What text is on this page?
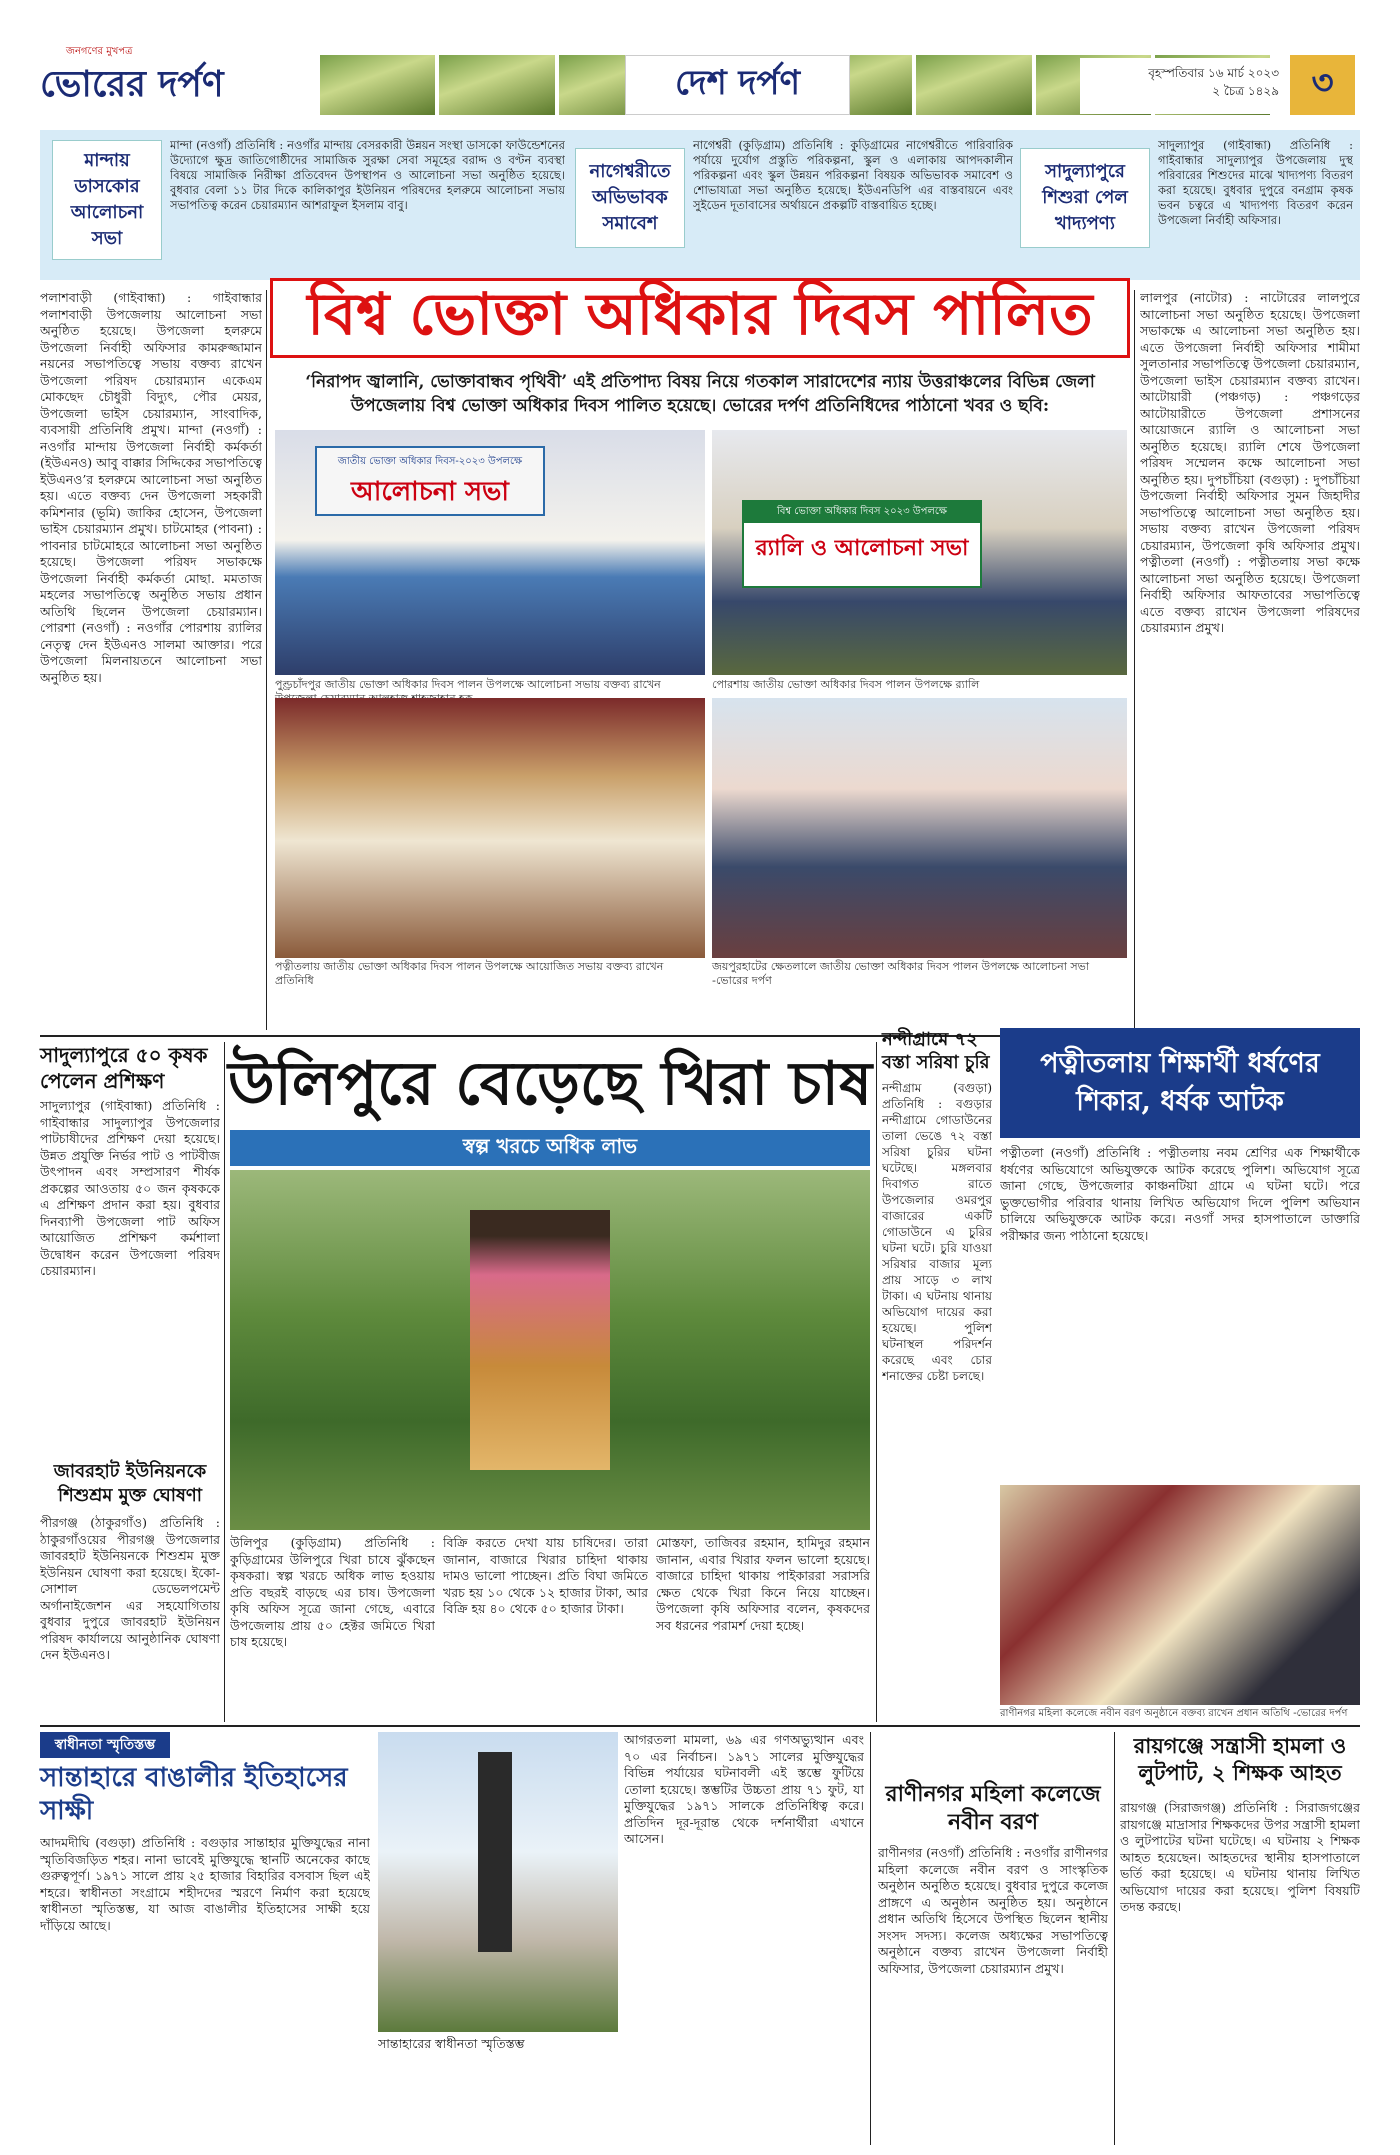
জনগণের মুখপত্র
ভোরের দর্পণ	দেশ দর্পণ	বৃহস্পতিবার ১৬ মার্চ ২০২৩
২ চৈত্র ১৪২৯ ৩
মান্দায় ডাসকোর আলোচনা সভা
মান্দা (নওগাঁ) প্রতিনিধি : নওগাঁর মান্দায় বেসরকারী উন্নয়ন সংস্থা ডাসকো ফাউন্ডেশনের উদ্যোগে ক্ষুদ্র জাতিগোষ্ঠীদের সামাজিক সুরক্ষা সেবা সমূহের বরাদ্দ ও বণ্টন ব্যবস্থা বিষয়ে সামাজিক নিরীক্ষা প্রতিবেদন উপস্থাপন ও আলোচনা সভা অনুষ্ঠিত হয়েছে। বুধবার বেলা ১১ টার দিকে কালিকাপুর ইউনিয়ন পরিষদের হলরুমে আলোচনা সভায় সভাপতিত্ব করেন চেয়ারম্যান আশরাফুল ইসলাম বাবু।
নাগেশ্বরীতে অভিভাবক সমাবেশ
নাগেশ্বরী (কুড়িগ্রাম) প্রতিনিধি : কুড়িগ্রামের নাগেশ্বরীতে পারিবারিক পর্যায়ে দুর্যোগ প্রস্তুতি পরিকল্পনা, স্কুল ও এলাকায় আপদকালীন পরিকল্পনা এবং স্কুল উন্নয়ন পরিকল্পনা বিষয়ক অভিভাবক সমাবেশ ও শোভাযাত্রা সভা অনুষ্ঠিত হয়েছে। ইউএনডিপি এর বাস্তবায়নে এবং সুইডেন দূতাবাসের অর্থায়নে প্রকল্পটি বাস্তবায়িত হচ্ছে।
সাদুল্যাপুরে শিশুরা পেল খাদ্যপণ্য
সাদুল্যাপুর (গাইবান্ধা) প্রতিনিধি : গাইবান্ধার সাদুল্যাপুর উপজেলায় দুস্থ পরিবারের শিশুদের মাঝে খাদ্যপণ্য বিতরণ করা হয়েছে। বুধবার দুপুরে বনগ্রাম কৃষক ভবন চত্বরে এ খাদ্যপণ্য বিতরণ করেন উপজেলা নির্বাহী অফিসার।
পলাশবাড়ী (গাইবান্ধা) : গাইবান্ধার পলাশবাড়ী উপজেলায় আলোচনা সভা অনুষ্ঠিত হয়েছে। উপজেলা হলরুমে উপজেলা নির্বাহী অফিসার কামরুজ্জামান নয়নের সভাপতিত্বে সভায় বক্তব্য রাখেন উপজেলা পরিষদ চেয়ারম্যান একেএম মোকছেদ চৌধুরী বিদ্যুৎ, পৌর মেয়র, উপজেলা ভাইস চেয়ারম্যান, সাংবাদিক, ব্যবসায়ী প্রতিনিধি প্রমুখ। মান্দা (নওগাঁ) : নওগাঁর মান্দায় উপজেলা নির্বাহী কর্মকর্তা (ইউএনও) আবু বাক্কার সিদ্দিকের সভাপতিত্বে ইউএনও’র হলরুমে আলোচনা সভা অনুষ্ঠিত হয়। এতে বক্তব্য দেন উপজেলা সহকারী কমিশনার (ভূমি) জাকির হোসেন, উপজেলা ভাইস চেয়ারম্যান প্রমুখ। চাটমোহর (পাবনা) : পাবনার চাটমোহরে আলোচনা সভা অনুষ্ঠিত হয়েছে। উপজেলা পরিষদ সভাকক্ষে উপজেলা নির্বাহী কর্মকর্তা মোছা. মমতাজ মহলের সভাপতিত্বে অনুষ্ঠিত সভায় প্রধান অতিথি ছিলেন উপজেলা চেয়ারম্যান। পোরশা (নওগাঁ) : নওগাঁর পোরশায় র‍্যালির নেতৃত্ব দেন ইউএনও সালমা আক্তার। পরে উপজেলা মিলনায়তনে আলোচনা সভা অনুষ্ঠিত হয়।
বিশ্ব ভোক্তা অধিকার দিবস পালিত
‘নিরাপদ জ্বালানি, ভোক্তাবান্ধব পৃথিবী’ এই প্রতিপাদ্য বিষয় নিয়ে গতকাল সারাদেশের ন্যায় উত্তরাঞ্চলের বিভিন্ন জেলা উপজেলায় বিশ্ব ভোক্তা অধিকার দিবস পালিত হয়েছে। ভোরের দর্পণ প্রতিনিধিদের পাঠানো খবর ও ছবি:
জাতীয় ভোক্তা অধিকার দিবস-২০২৩ উপলক্ষে
আলোচনা সভা
পুণ্ড্রচাঁদপুর জাতীয় ভোক্তা অধিকার দিবস পালন উপলক্ষে আলোচনা সভায় বক্তব্য রাখেন
বিশ্ব ভোক্তা অধিকার দিবস ২০২৩ উপলক্ষে
র‍্যালি ও আলোচনা সভা
পোরশায় জাতীয় ভোক্তা অধিকার দিবস পালন উপলক্ষে র‍্যালি
পত্নীতলায় জাতীয় ভোক্তা অধিকার দিবস পালন উপলক্ষে আয়োজিত সভায় বক্তব্য রাখেন প্রতিনিধি
জয়পুরহাটের ক্ষেতলালে জাতীয় ভোক্তা অধিকার দিবস পালন উপলক্ষে আলোচনা সভা -ভোরের দর্পণ
লালপুর (নাটোর) : নাটোরের লালপুরে আলোচনা সভা অনুষ্ঠিত হয়েছে। উপজেলা সভাকক্ষে এ আলোচনা সভা অনুষ্ঠিত হয়। এতে উপজেলা নির্বাহী অফিসার শামীমা সুলতানার সভাপতিত্বে উপজেলা চেয়ারম্যান, উপজেলা ভাইস চেয়ারম্যান বক্তব্য রাখেন। আটোয়ারী (পঞ্চগড়) : পঞ্চগড়ের আটোয়ারীতে উপজেলা প্রশাসনের আয়োজনে র‍্যালি ও আলোচনা সভা অনুষ্ঠিত হয়েছে। র‍্যালি শেষে উপজেলা পরিষদ সম্মেলন কক্ষে আলোচনা সভা অনুষ্ঠিত হয়। দুপচাঁচিয়া (বগুড়া) : দুপচাঁচিয়া উপজেলা নির্বাহী অফিসার সুমন জিহাদীর সভাপতিত্বে আলোচনা সভা অনুষ্ঠিত হয়। সভায় বক্তব্য রাখেন উপজেলা পরিষদ চেয়ারম্যান, উপজেলা কৃষি অফিসার প্রমুখ। পত্নীতলা (নওগাঁ) : পত্নীতলায় সভা কক্ষে আলোচনা সভা অনুষ্ঠিত হয়েছে। উপজেলা নির্বাহী অফিসার আফতাবের সভাপতিত্বে এতে বক্তব্য রাখেন উপজেলা পরিষদের চেয়ারম্যান প্রমুখ।
সাদুল্যাপুরে ৫০ কৃষক পেলেন প্রশিক্ষণ
সাদুল্যাপুর (গাইবান্ধা) প্রতিনিধি : গাইবান্ধার সাদুল্যাপুর উপজেলার পাটচাষীদের প্রশিক্ষণ দেয়া হয়েছে। উন্নত প্রযুক্তি নির্ভর পাট ও পাটবীজ উৎপাদন এবং সম্প্রসারণ শীর্ষক প্রকল্পের আওতায় ৫০ জন কৃষককে এ প্রশিক্ষণ প্রদান করা হয়। বুধবার দিনব্যাপী উপজেলা পাট অফিস আয়োজিত প্রশিক্ষণ কর্মশালা উদ্বোধন করেন উপজেলা পরিষদ চেয়ারম্যান।
জাবরহাট ইউনিয়নকে শিশুশ্রম মুক্ত ঘোষণা
পীরগঞ্জ (ঠাকুরগাঁও) প্রতিনিধি : ঠাকুরগাঁওয়ের পীরগঞ্জ উপজেলার জাবরহাট ইউনিয়নকে শিশুশ্রম মুক্ত ইউনিয়ন ঘোষণা করা হয়েছে। ইকো-সোশাল ডেভেলপমেন্ট অর্গানাইজেশন এর সহযোগিতায় বুধবার দুপুরে জাবরহাট ইউনিয়ন পরিষদ কার্যালয়ে আনুষ্ঠানিক ঘোষণা দেন ইউএনও।
উলিপুরে বেড়েছে খিরা চাষ
স্বল্প খরচে অধিক লাভ
উলিপুর (কুড়িগ্রাম) প্রতিনিধি : কুড়িগ্রামের উলিপুরে খিরা চাষে ঝুঁকছেন কৃষকরা। স্বল্প খরচে অধিক লাভ হওয়ায় প্রতি বছরই বাড়ছে এর চাষ। উপজেলা কৃষি অফিস সূত্রে জানা গেছে, এবারে উপজেলায় প্রায় ৫০ হেক্টর জমিতে খিরা চাষ হয়েছে।
বিক্রি করতে দেখা যায় চাষিদের। তারা জানান, বাজারে খিরার চাহিদা থাকায় দামও ভালো পাচ্ছেন। প্রতি বিঘা জমিতে খরচ হয় ১০ থেকে ১২ হাজার টাকা, আর বিক্রি হয় ৪০ থেকে ৫০ হাজার টাকা।
মোস্তফা, তাজিবর রহমান, হামিদুর রহমান জানান, এবার খিরার ফলন ভালো হয়েছে। বাজারে চাহিদা থাকায় পাইকাররা সরাসরি ক্ষেত থেকে খিরা কিনে নিয়ে যাচ্ছেন। উপজেলা কৃষি অফিসার বলেন, কৃষকদের সব ধরনের পরামর্শ দেয়া হচ্ছে।
নন্দীগ্রামে ৭২ বস্তা সরিষা চুরি
নন্দীগ্রাম (বগুড়া) প্রতিনিধি : বগুড়ার নন্দীগ্রামে গোডাউনের তালা ভেঙে ৭২ বস্তা সরিষা চুরির ঘটনা ঘটেছে। মঙ্গলবার দিবাগত রাতে উপজেলার ওমরপুর বাজারের একটি গোডাউনে এ চুরির ঘটনা ঘটে। চুরি যাওয়া সরিষার বাজার মূল্য প্রায় সাড়ে ৩ লাখ টাকা। এ ঘটনায় থানায় অভিযোগ দায়ের করা হয়েছে। পুলিশ ঘটনাস্থল পরিদর্শন করেছে এবং চোর শনাক্তের চেষ্টা চলছে।
পত্নীতলায় শিক্ষার্থী ধর্ষণের শিকার, ধর্ষক আটক
পত্নীতলা (নওগাঁ) প্রতিনিধি : পত্নীতলায় নবম শ্রেণির এক শিক্ষার্থীকে ধর্ষণের অভিযোগে অভিযুক্তকে আটক করেছে পুলিশ। অভিযোগ সূত্রে জানা গেছে, উপজেলার কাঞ্চনটিয়া গ্রামে এ ঘটনা ঘটে। পরে ভুক্তভোগীর পরিবার থানায় লিখিত অভিযোগ দিলে পুলিশ অভিযান চালিয়ে অভিযুক্তকে আটক করে। নওগাঁ সদর হাসপাতালে ডাক্তারি পরীক্ষার জন্য পাঠানো হয়েছে।
রাণীনগর মহিলা কলেজে নবীন বরণ অনুষ্ঠানে বক্তব্য রাখেন প্রধান অতিথি -ভোরের দর্পণ
স্বাধীনতা স্মৃতিস্তম্ভ
সান্তাহারে বাঙালীর ইতিহাসের সাক্ষী
আদমদীঘি (বগুড়া) প্রতিনিধি : বগুড়ার সান্তাহার মুক্তিযুদ্ধের নানা স্মৃতিবিজড়িত শহর। নানা ভাবেই মুক্তিযুদ্ধে স্থানটি অনেকের কাছে গুরুত্বপূর্ণ। ১৯৭১ সালে প্রায় ২৫ হাজার বিহারির বসবাস ছিল এই শহরে। স্বাধীনতা সংগ্রামে শহীদদের স্মরণে নির্মাণ করা হয়েছে স্বাধীনতা স্মৃতিস্তম্ভ, যা আজ বাঙালীর ইতিহাসের সাক্ষী হয়ে দাঁড়িয়ে আছে।
সান্তাহারের স্বাধীনতা স্মৃতিস্তম্ভ
আগরতলা মামলা, ৬৯ এর গণঅভ্যুত্থান এবং ৭০ এর নির্বাচন। ১৯৭১ সালের মুক্তিযুদ্ধের বিভিন্ন পর্যায়ের ঘটনাবলী এই স্তম্ভে ফুটিয়ে তোলা হয়েছে। স্তম্ভটির উচ্চতা প্রায় ৭১ ফুট, যা মুক্তিযুদ্ধের ১৯৭১ সালকে প্রতিনিধিত্ব করে। প্রতিদিন দূর-দূরান্ত থেকে দর্শনার্থীরা এখানে আসেন।
রাণীনগর মহিলা কলেজে নবীন বরণ
রাণীনগর (নওগাঁ) প্রতিনিধি : নওগাঁর রাণীনগর মহিলা কলেজে নবীন বরণ ও সাংস্কৃতিক অনুষ্ঠান অনুষ্ঠিত হয়েছে। বুধবার দুপুরে কলেজ প্রাঙ্গণে এ অনুষ্ঠান অনুষ্ঠিত হয়। অনুষ্ঠানে প্রধান অতিথি হিসেবে উপস্থিত ছিলেন স্থানীয় সংসদ সদস্য। কলেজ অধ্যক্ষের সভাপতিত্বে অনুষ্ঠানে বক্তব্য রাখেন উপজেলা নির্বাহী অফিসার, উপজেলা চেয়ারম্যান প্রমুখ।
রায়গঞ্জে সন্ত্রাসী হামলা ও লুটপাট, ২ শিক্ষক আহত
রায়গঞ্জ (সিরাজগঞ্জ) প্রতিনিধি : সিরাজগঞ্জের রায়গঞ্জে মাদ্রাসার শিক্ষকদের উপর সন্ত্রাসী হামলা ও লুটপাটের ঘটনা ঘটেছে। এ ঘটনায় ২ শিক্ষক আহত হয়েছেন। আহতদের স্থানীয় হাসপাতালে ভর্তি করা হয়েছে। এ ঘটনায় থানায় লিখিত অভিযোগ দায়ের করা হয়েছে। পুলিশ বিষয়টি তদন্ত করছে।
